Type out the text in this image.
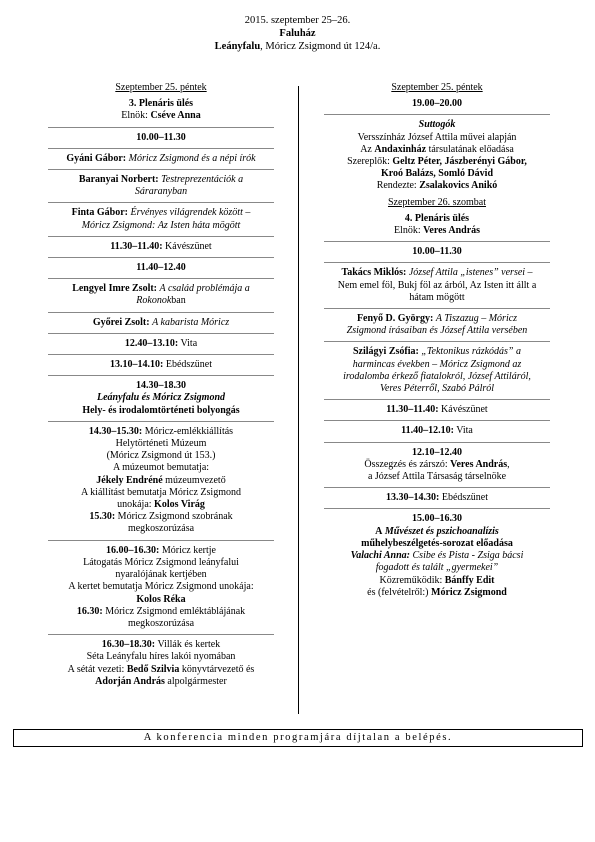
2015. szeptember 25–26.
Faluház
Leányfalu, Móricz Zsigmond út 124/a.
Szeptember 25. péntek
3. Plenáris ülés
Elnök: Cséve Anna
10.00–11.30
Gyáni Gábor: Móricz Zsigmond és a népi írók
Baranyai Norbert: Testreprezentációk a
Sáraranyban
Finta Gábor: Érvényes világrendek között –
Móricz Zsigmond: Az Isten háta mögött
11.30–11.40: Kávészünet
11.40–12.40
Lengyel Imre Zsolt: A család problémája a
Rokonokban
Győrei Zsolt: A kabarista Móricz
12.40–13.10: Vita
13.10–14.10: Ebédszünet
14.30–18.30
Leányfalu és Móricz Zsigmond
Hely- és irodalomtörténeti bolyongás
14.30–15.30: Móricz-emlékkiállítás
Helytörténeti Múzeum
(Móricz Zsigmond út 153.)
A múzeumot bemutatja:
Jékely Endréné múzeumvezető
A kiállítást bemutatja Móricz Zsigmond
unokája: Kolos Virág
15.30: Móricz Zsigmond szobrának
megkoszorúzása
16.00–16.30: Móricz kertje
Látogatás Móricz Zsigmond leányfalui
nyaralójának kertjében
A kertet bemutatja Móricz Zsigmond unokája:
Kolos Réka
16.30: Móricz Zsigmond emléktáblájának
megkoszorúzása
16.30–18.30: Villák és kertek
Séta Leányfalu híres lakói nyomában
A sétát vezeti: Bedő Szilvia könyvtárvezető és
Adorján András alpolgármester
Szeptember 25. péntek
19.00–20.00
Suttogók
Versszínház József Attila művei alapján
Az Andaxinház társulatának előadása
Szereplők: Geltz Péter, Jászberényi Gábor,
Kroó Balázs, Somló Dávid
Rendezte: Zsalakovics Anikó
Szeptember 26. szombat
4. Plenáris ülés
Elnök: Veres András
10.00–11.30
Takács Miklós: József Attila „istenes” versei –
Nem emel föl, Bukj föl az árból, Az Isten itt állt a
hátam mögött
Fenyő D. György: A Tiszazug – Móricz
Zsigmond írásaiban és József Attila versében
Szilágyi Zsófia: „Tektonikus rázkódás” a
harmincas években – Móricz Zsigmond az
irodalomba érkező fiatalokról, József Attiláról,
Veres Péterről, Szabó Pálról
11.30–11.40: Kávészünet
11.40–12.10: Vita
12.10–12.40
Összegzés és zárszó: Veres András,
a József Attila Társaság társelnöke
13.30–14.30: Ebédszünet
15.00–16.30
A Művészet és pszichoanalízis
műhelybeszélgetés-sorozat előadása
Valachi Anna: Csibe és Pista - Zsiga bácsi
fogadott és talált „gyermekei”
Közreműködik: Bánffy Edit
és (felvételről:) Móricz Zsigmond
A konferencia minden programjára díjtalan a belépés.
